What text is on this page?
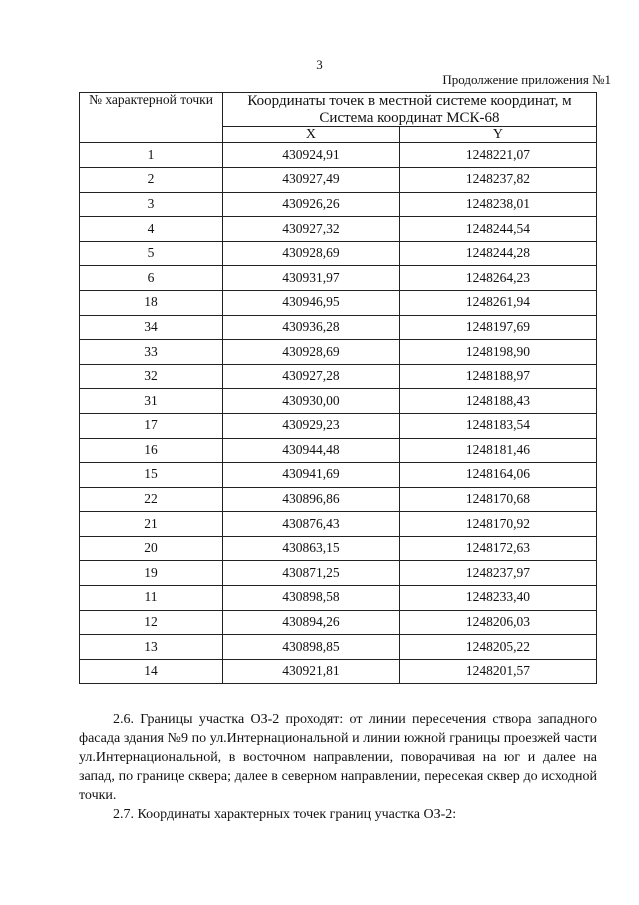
3
Продолжение приложения №1
№ характерной точки	Координаты точек в местной системе координат, м
Система координат МСК-68	

	X	Y
1	430924,91	1248221,07
2	430927,49	1248237,82
3	430926,26	1248238,01
4	430927,32	1248244,54
5	430928,69	1248244,28
6	430931,97	1248264,23
18	430946,95	1248261,94
34	430936,28	1248197,69
33	430928,69	1248198,90
32	430927,28	1248188,97
31	430930,00	1248188,43
17	430929,23	1248183,54
16	430944,48	1248181,46
15	430941,69	1248164,06
22	430896,86	1248170,68
21	430876,43	1248170,92
20	430863,15	1248172,63
19	430871,25	1248237,97
11	430898,58	1248233,40
12	430894,26	1248206,03
13	430898,85	1248205,22
14	430921,81	1248201,57

2.6. Границы участка ОЗ-2 проходят: от линии пересечения створа западного фасада здания №9 по ул.Интернациональной и линии южной границы проезжей части ул.Интернациональной, в восточном направлении, поворачивая на юг и далее на запад, по границе сквера; далее в северном направлении, пересекая сквер до исходной точки.

2.7. Координаты характерных точек границ участка ОЗ-2:
